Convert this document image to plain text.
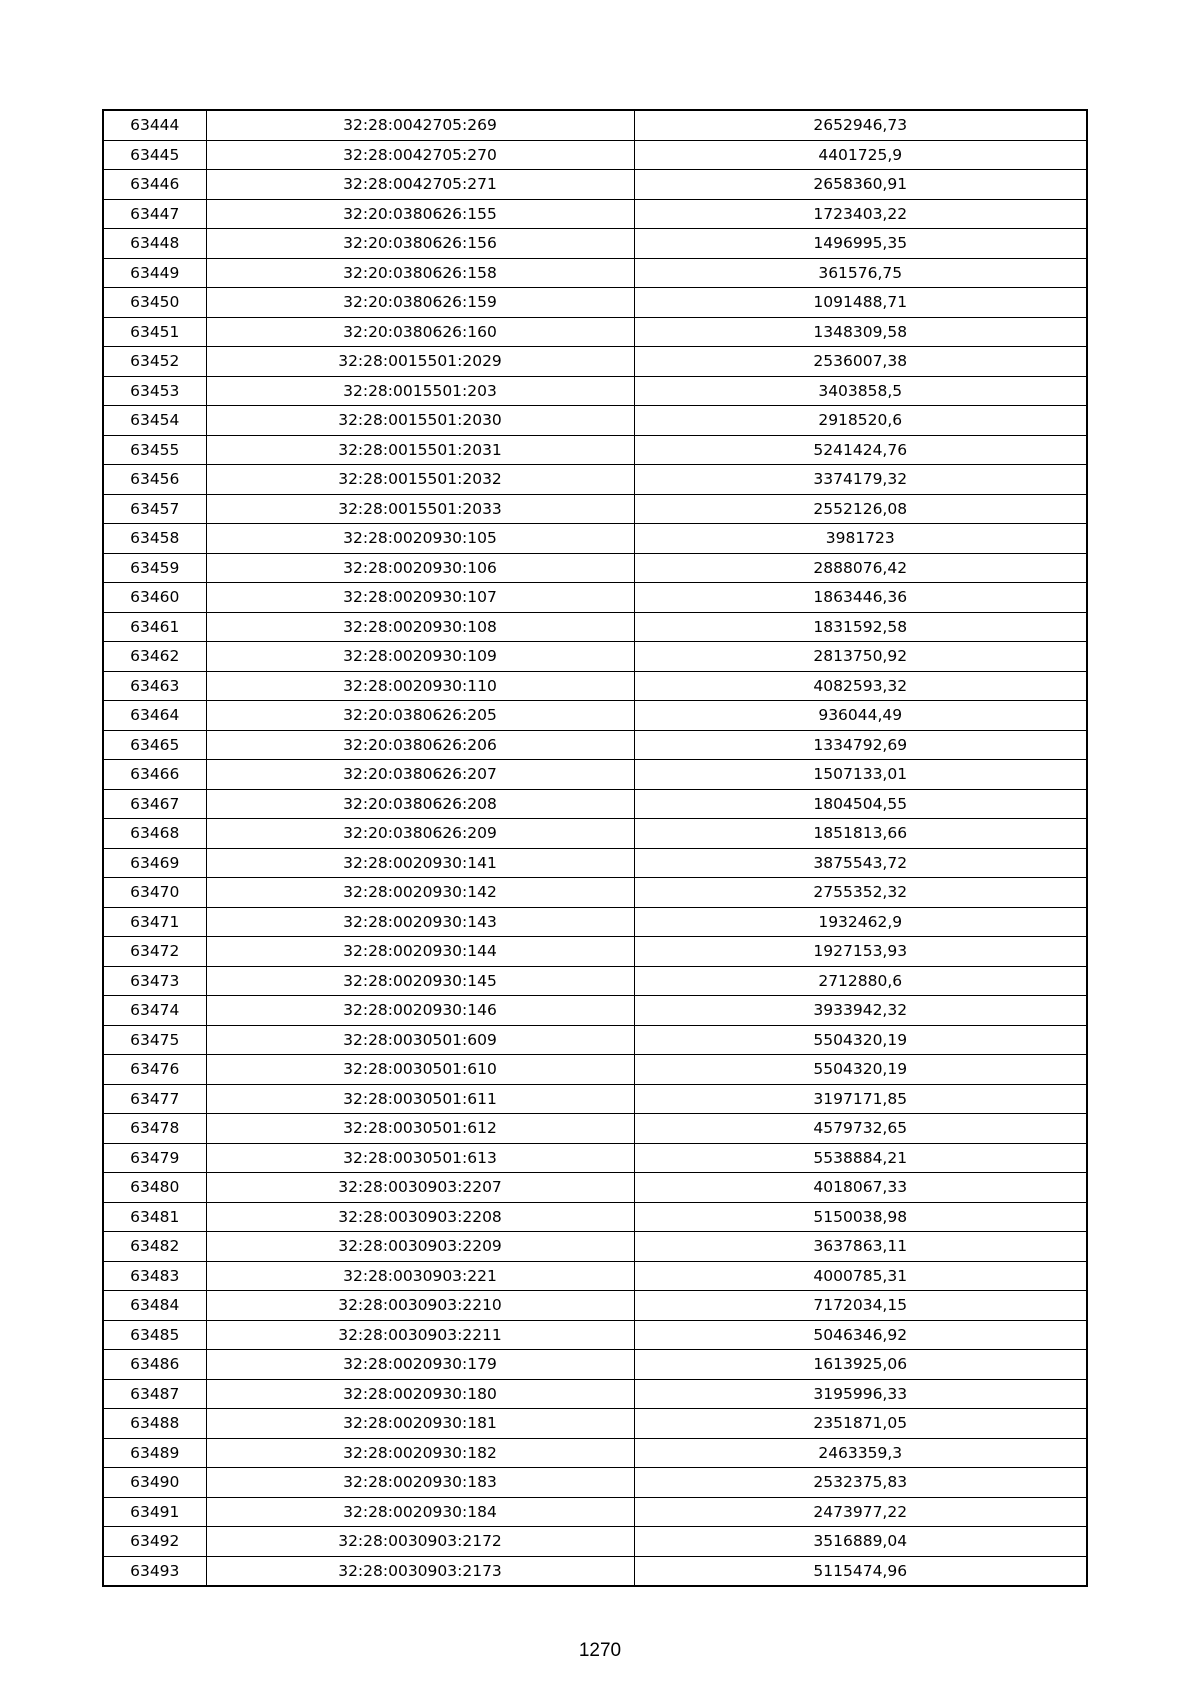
63444	32:28:0042705:269	2652946,73
63445	32:28:0042705:270	4401725,9
63446	32:28:0042705:271	2658360,91
63447	32:20:0380626:155	1723403,22
63448	32:20:0380626:156	1496995,35
63449	32:20:0380626:158	361576,75
63450	32:20:0380626:159	1091488,71
63451	32:20:0380626:160	1348309,58
63452	32:28:0015501:2029	2536007,38
63453	32:28:0015501:203	3403858,5
63454	32:28:0015501:2030	2918520,6
63455	32:28:0015501:2031	5241424,76
63456	32:28:0015501:2032	3374179,32
63457	32:28:0015501:2033	2552126,08
63458	32:28:0020930:105	3981723
63459	32:28:0020930:106	2888076,42
63460	32:28:0020930:107	1863446,36
63461	32:28:0020930:108	1831592,58
63462	32:28:0020930:109	2813750,92
63463	32:28:0020930:110	4082593,32
63464	32:20:0380626:205	936044,49
63465	32:20:0380626:206	1334792,69
63466	32:20:0380626:207	1507133,01
63467	32:20:0380626:208	1804504,55
63468	32:20:0380626:209	1851813,66
63469	32:28:0020930:141	3875543,72
63470	32:28:0020930:142	2755352,32
63471	32:28:0020930:143	1932462,9
63472	32:28:0020930:144	1927153,93
63473	32:28:0020930:145	2712880,6
63474	32:28:0020930:146	3933942,32
63475	32:28:0030501:609	5504320,19
63476	32:28:0030501:610	5504320,19
63477	32:28:0030501:611	3197171,85
63478	32:28:0030501:612	4579732,65
63479	32:28:0030501:613	5538884,21
63480	32:28:0030903:2207	4018067,33
63481	32:28:0030903:2208	5150038,98
63482	32:28:0030903:2209	3637863,11
63483	32:28:0030903:221	4000785,31
63484	32:28:0030903:2210	7172034,15
63485	32:28:0030903:2211	5046346,92
63486	32:28:0020930:179	1613925,06
63487	32:28:0020930:180	3195996,33
63488	32:28:0020930:181	2351871,05
63489	32:28:0020930:182	2463359,3
63490	32:28:0020930:183	2532375,83
63491	32:28:0020930:184	2473977,22
63492	32:28:0030903:2172	3516889,04
63493	32:28:0030903:2173	5115474,96
1270
